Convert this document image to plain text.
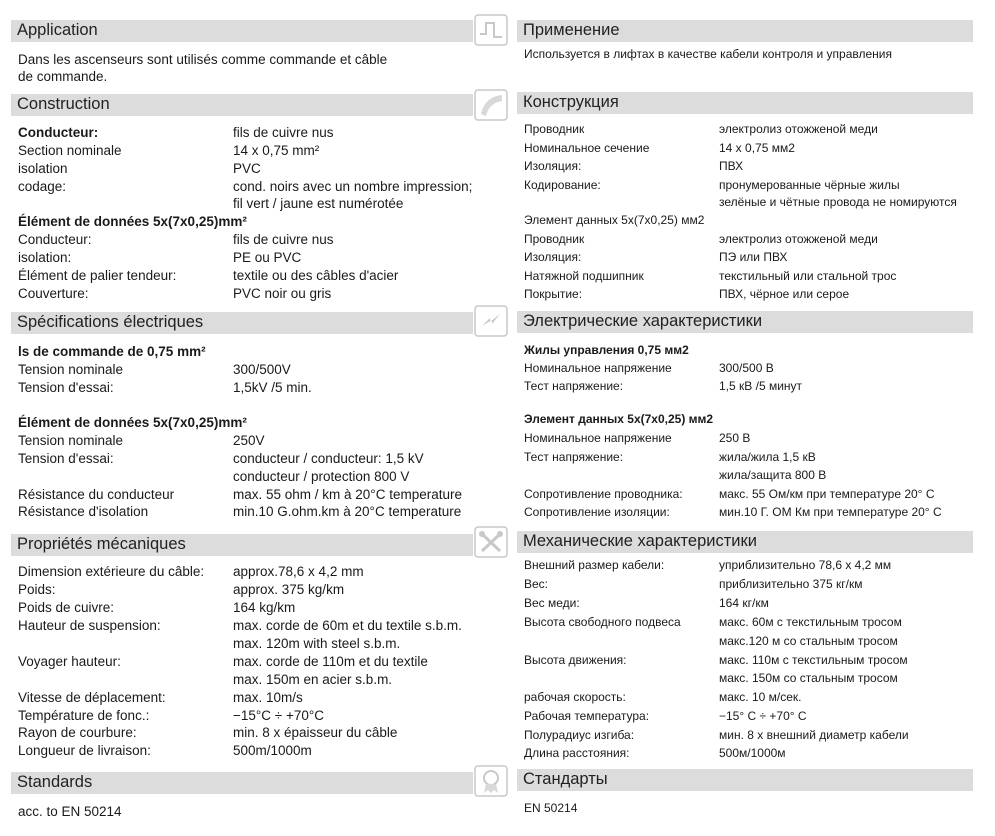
Application
Dans les ascenseurs sont utilisés comme commande et câble
de commande.
Construction
Conducteur:	fils de cuivre nus
Section nominale	14 x 0,75 mm²
isolation	PVC
codage:	cond. noirs avec un nombre impression;
fil vert / jaune est numérotée
Élément de données 5x(7x0,25)mm²
Conducteur:	fils de cuivre nus
isolation:	PE ou PVC
Élément de palier tendeur:	textile ou des câbles d'acier
Couverture:	PVC noir ou gris
Spécifications électriques
ls de commande de 0,75 mm²
Tension nominale	300/500V
Tension d'essai:	1,5kV /5 min.
Élément de données 5x(7x0,25)mm²
Tension nominale	250V
Tension d'essai:	conducteur / conducteur: 1,5 kV
conducteur / protection 800 V
Résistance du conducteur	max. 55 ohm / km à 20°C temperature
Résistance d'isolation	min.10 G.ohm.km à 20°C temperature
Propriétés mécaniques
Dimension extérieure du câble: approx.78,6 x 4,2 mm
Poids:	approx. 375 kg/km
Poids de cuivre:	164 kg/km
Hauteur de suspension:	max. corde de 60m et du textile s.b.m.
max. 120m with steel s.b.m.
Voyager hauteur:	max. corde de 110m et du textile
max. 150m en acier s.b.m.
Vitesse de déplacement:	max. 10m/s
Température de fonc.:	−15°C ÷ +70°C
Rayon de courbure:	min. 8 x épaisseur du câble
Longueur de livraison:	500m/1000m
Standards
acc. to EN 50214
Применение
Используется в лифтах в качестве кабели контроля и управления
Конструкция
Проводник	электролиз отожженой меди
Номинальное сечение	14 x 0,75 мм2
Изоляция:	ПВХ
Кодирование:	пронумерованные чёрные жилы
зелёные и чётные провода не номируются
Элемент данных 5x(7x0,25) мм2
Проводник	электролиз отожженой меди
Изоляция:	ПЭ или ПВХ
Натяжной подшипник	текстильный или стальной трос
Покрытие:	ПВХ, чёрное или серое
Электрические характеристики
Жилы управления 0,75 мм2
Номинальное напряжение	300/500 В
Тест напряжение:	1,5 кВ /5 минут
Элемент данных 5x(7x0,25) мм2
Номинальное напряжение	250 В
Тест напряжение:	жила/жила 1,5 кВ
жила/защита 800 В
Сопротивление проводника:	макс. 55 Ом/км при температуре 20° С
Сопротивление изоляции:	мин.10 Г. ОМ Км при температуре 20° С
Механические характеристики
Внешний размер кабели:	уприблизительно 78,6 x 4,2 мм
Вес:	приблизительно 375 кг/км
Вес меди:	164 кг/км
Высота свободного подвеса	макс. 60м с текстильным тросом
макс.120 м со стальным тросом
Высота движения:	макс. 110м с текстильным тросом
макс. 150м со стальным тросом
рабочая скорость:	макс. 10 м/сек.
Рабочая температура:	−15° С ÷ +70° С
Полурадиус изгиба:	мин. 8 x внешний диаметр кабели
Длина расстояния:	500м/1000м
Стандарты
EN 50214
